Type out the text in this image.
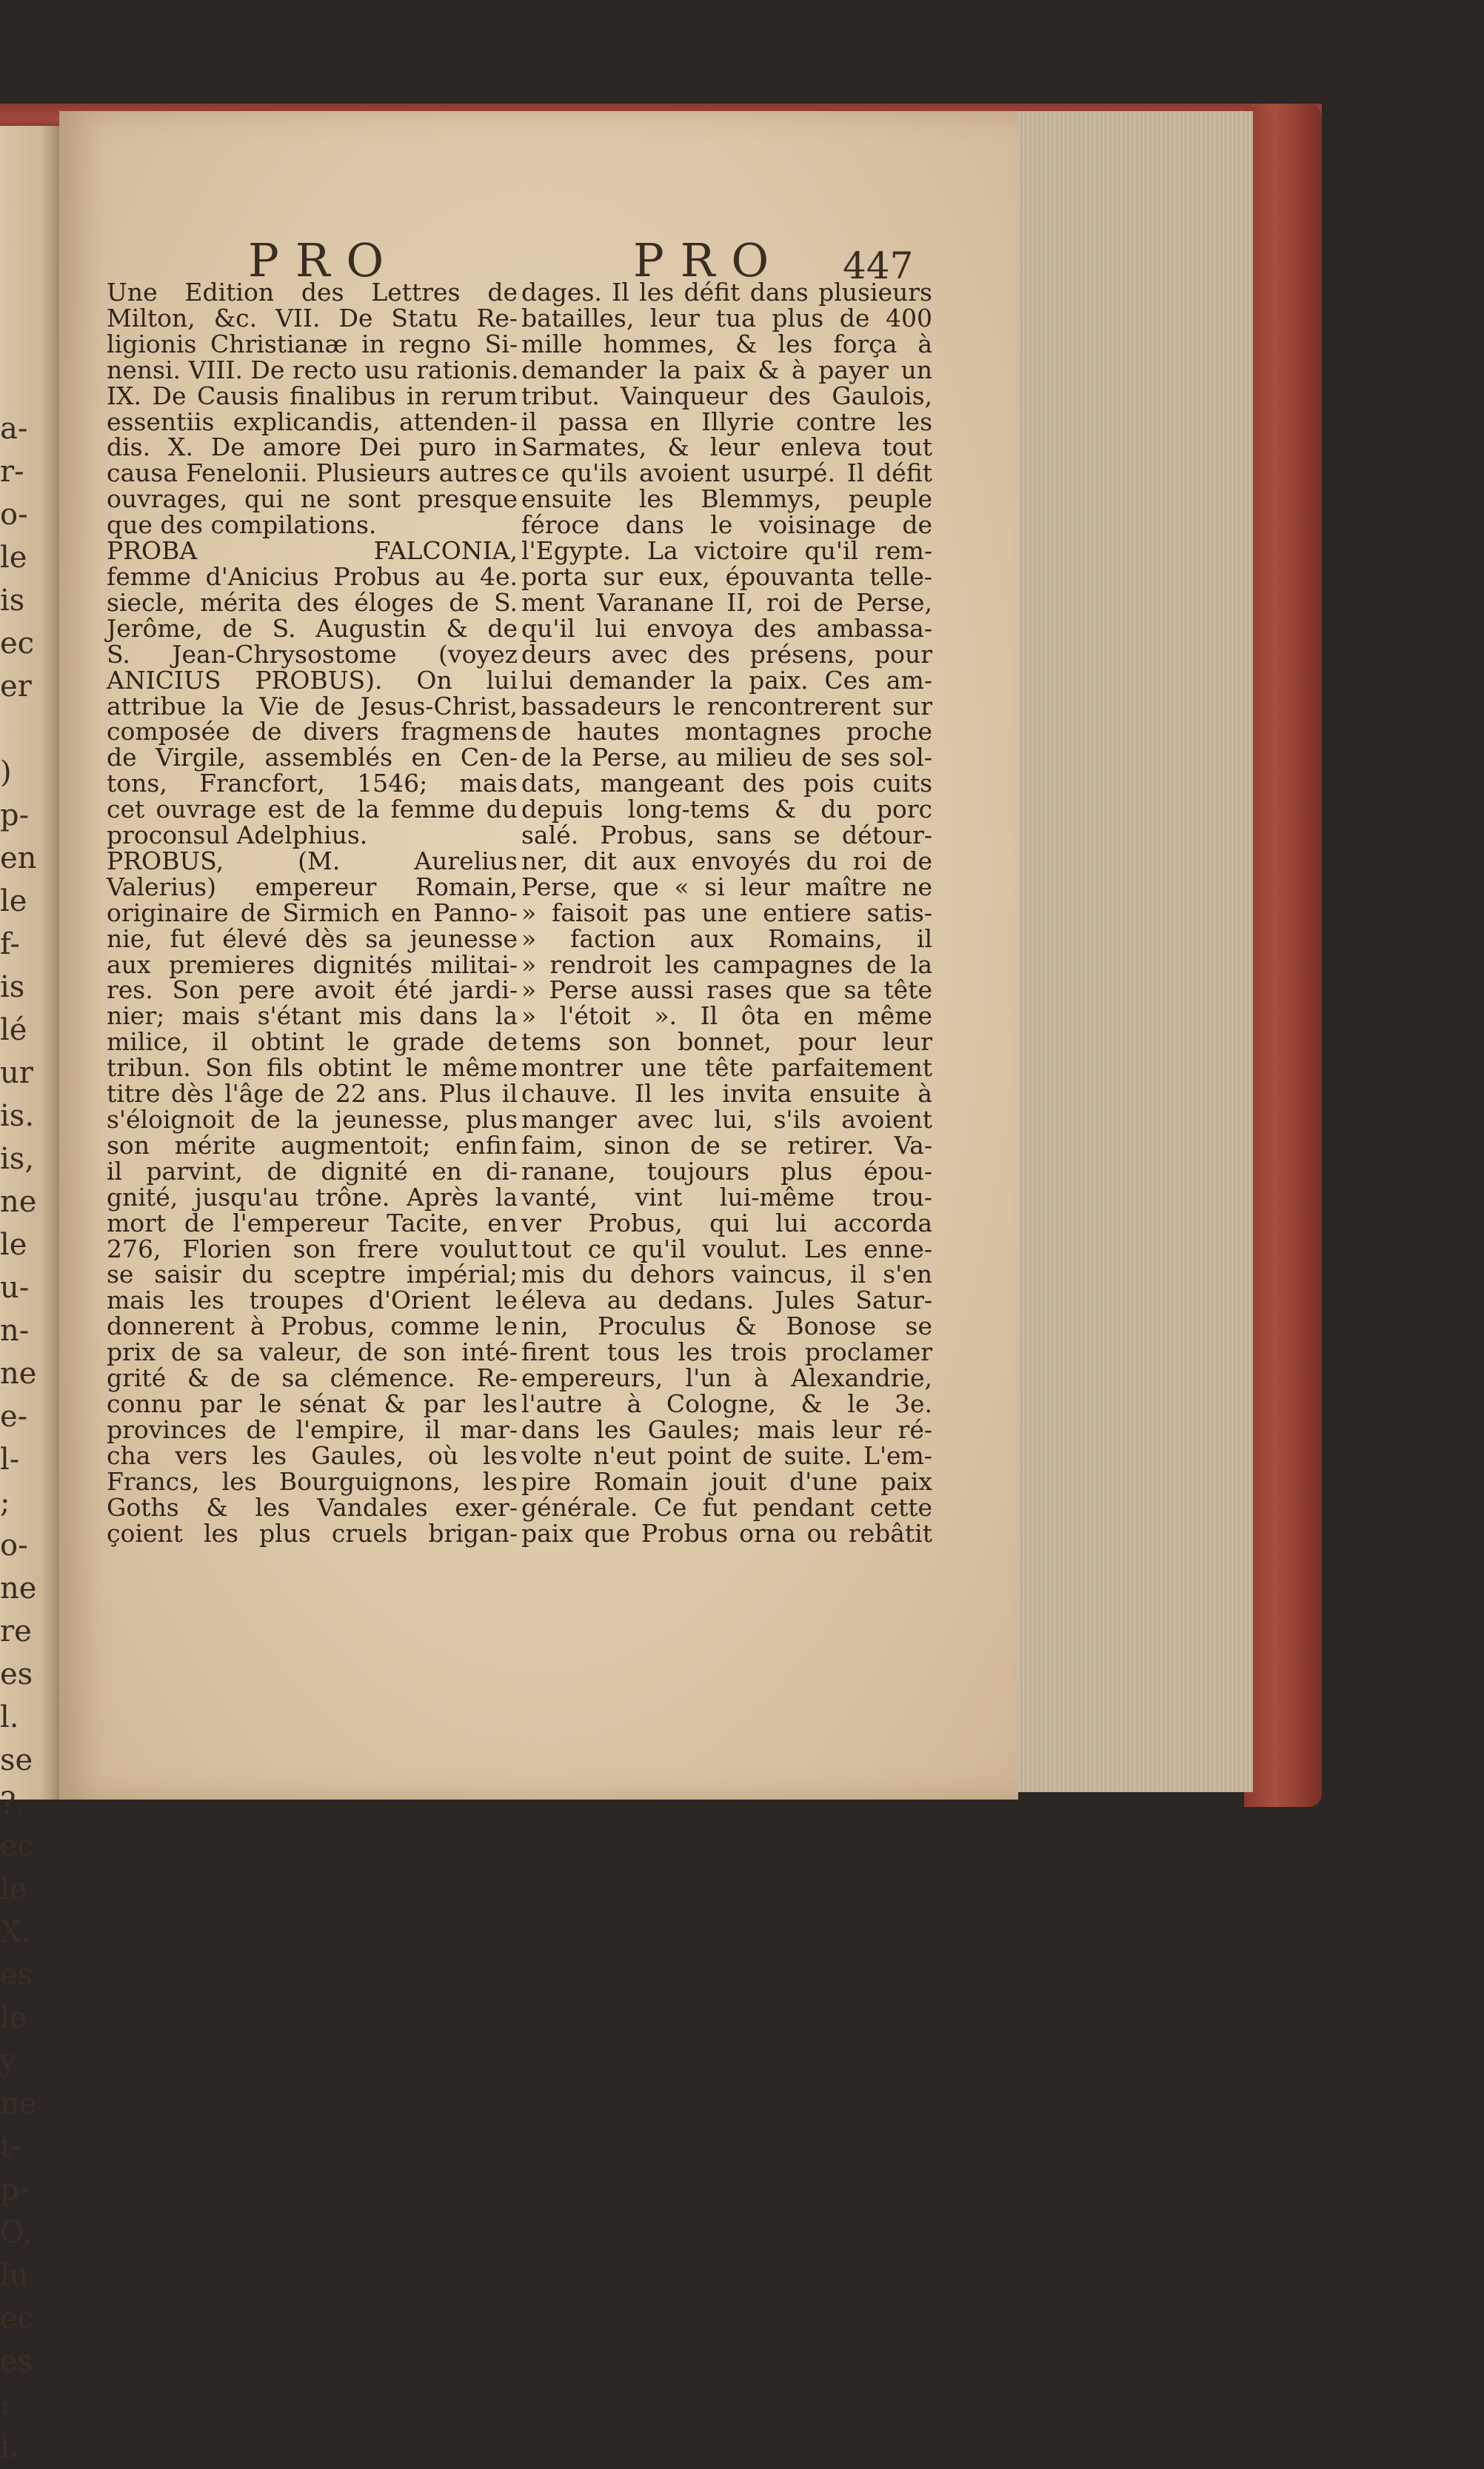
a-
r-
o-
le
is
ec
er

)
p-
en
le
f-
is
lé
ur
is.
is,
ne
le
u-
n-
ne
e-
l-
;
o-
ne
re
es
l.
se
?,
ec
le
X.
es
le
y
ne
t-
p-
O,
lu
ec
es
:
i.
PRO	PRO 447
Une Edition des Lettres de
Milton, &c. VII. De Statu Re-
ligionis Christianæ in regno Si-
nensi. VIII. De recto usu rationis.
IX. De Causis finalibus in rerum
essentiis explicandis, attenden-
dis. X. De amore Dei puro in
causa Fenelonii. Plusieurs autres
ouvrages, qui ne sont presque
que des compilations.
PROBA FALCONIA,
femme d'Anicius Probus au 4e.
siecle, mérita des éloges de S.
Jerôme, de S. Augustin & de
S. Jean-Chrysostome (voyez
ANICIUS PROBUS). On lui
attribue la Vie de Jesus-Christ,
composée de divers fragmens
de Virgile, assemblés en Cen-
tons, Francfort, 1546; mais
cet ouvrage est de la femme du
proconsul Adelphius.
PROBUS, (M. Aurelius
Valerius) empereur Romain,
originaire de Sirmich en Panno-
nie, fut élevé dès sa jeunesse
aux premieres dignités militai-
res. Son pere avoit été jardi-
nier; mais s'étant mis dans la
milice, il obtint le grade de
tribun. Son fils obtint le même
titre dès l'âge de 22 ans. Plus il
s'éloignoit de la jeunesse, plus
son mérite augmentoit; enfin
il parvint, de dignité en di-
gnité, jusqu'au trône. Après la
mort de l'empereur Tacite, en
276, Florien son frere voulut
se saisir du sceptre impérial;
mais les troupes d'Orient le
donnerent à Probus, comme le
prix de sa valeur, de son inté-
grité & de sa clémence. Re-
connu par le sénat & par les
provinces de l'empire, il mar-
cha vers les Gaules, où les
Francs, les Bourguignons, les
Goths & les Vandales exer-
çoient les plus cruels brigan-
dages. Il les défit dans plusieurs
batailles, leur tua plus de 400
mille hommes, & les força à
demander la paix & à payer un
tribut. Vainqueur des Gaulois,
il passa en Illyrie contre les
Sarmates, & leur enleva tout
ce qu'ils avoient usurpé. Il défit
ensuite les Blemmys, peuple
féroce dans le voisinage de
l'Egypte. La victoire qu'il rem-
porta sur eux, épouvanta telle-
ment Varanane II, roi de Perse,
qu'il lui envoya des ambassa-
deurs avec des présens, pour
lui demander la paix. Ces am-
bassadeurs le rencontrerent sur
de hautes montagnes proche
de la Perse, au milieu de ses sol-
dats, mangeant des pois cuits
depuis long-tems & du porc
salé. Probus, sans se détour-
ner, dit aux envoyés du roi de
Perse, que « si leur maître ne
» faisoit pas une entiere satis-
» faction aux Romains, il
» rendroit les campagnes de la
» Perse aussi rases que sa tête
» l'étoit ». Il ôta en même
tems son bonnet, pour leur
montrer une tête parfaitement
chauve. Il les invita ensuite à
manger avec lui, s'ils avoient
faim, sinon de se retirer. Va-
ranane, toujours plus épou-
vanté, vint lui-même trou-
ver Probus, qui lui accorda
tout ce qu'il voulut. Les enne-
mis du dehors vaincus, il s'en
éleva au dedans. Jules Satur-
nin, Proculus & Bonose se
firent tous les trois proclamer
empereurs, l'un à Alexandrie,
l'autre à Cologne, & le 3e.
dans les Gaules; mais leur ré-
volte n'eut point de suite. L'em-
pire Romain jouit d'une paix
générale. Ce fut pendant cette
paix que Probus orna ou rebâtit
